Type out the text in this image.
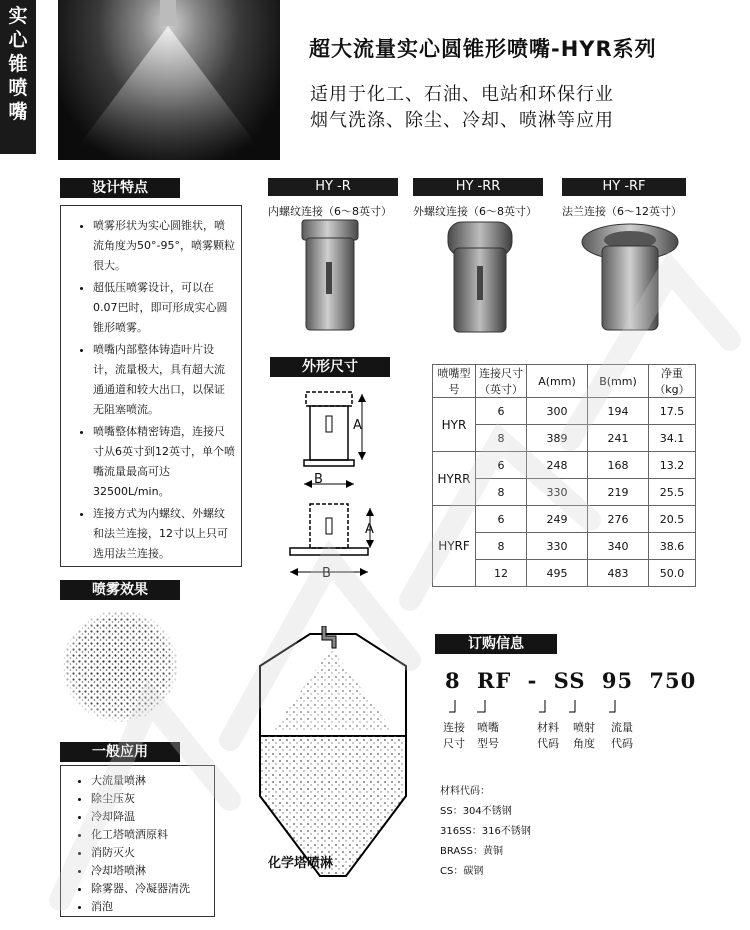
实
心
锥
喷
嘴
超大流量实心圆锥形喷嘴-HYR系列
适用于化工、石油、电站和环保行业
烟气洗涤、除尘、冷却、喷淋等应用
设计特点
• 喷雾形状为实心圆锥状，喷流角度为50°-95°，喷雾颗粒很大。
• 超低压喷雾设计，可以在0.07巴时，即可形成实心圆锥形喷雾。
• 喷嘴内部整体铸造叶片设计，流量极大，具有超大流通通道和较大出口，以保证无阻塞喷流。
• 喷嘴整体精密铸造，连接尺寸从6英寸到12英寸，单个喷嘴流量最高可达32500L/min。
• 连接方式为内螺纹、外螺纹和法兰连接，12寸以上只可选用法兰连接。
HY -R	HY -RR	HY -RF
内螺纹连接（6～8英寸） 外螺纹连接（6～8英寸） 法兰连接（6～12英寸）
外形尺寸
A
B
A
B
喷嘴型号	连接尺寸（英寸）	A(mm)	B(mm)	净重（kg）
HYR	6	300	194	17.5
	8	389	241	34.1
HYRR	6	248	168	13.2
	8	330	219	25.5
HYRF	6	249	276	20.5
	8	330	340	38.6
	12	495	483	50.0
喷雾效果
一般应用
• 大流量喷淋
• 除尘压灰
• 冷却降温
• 化工塔喷洒原料
• 消防灭火
• 冷却塔喷淋
• 除雾器、冷凝器清洗
• 消泡
化学塔喷淋
订购信息
8 RF - SS 95 750
连接尺寸
喷嘴型号
材料代码
喷射角度
流量代码
材料代码：
SS：304不锈钢
316SS：316不锈钢
BRASS：黄铜
CS：碳钢
